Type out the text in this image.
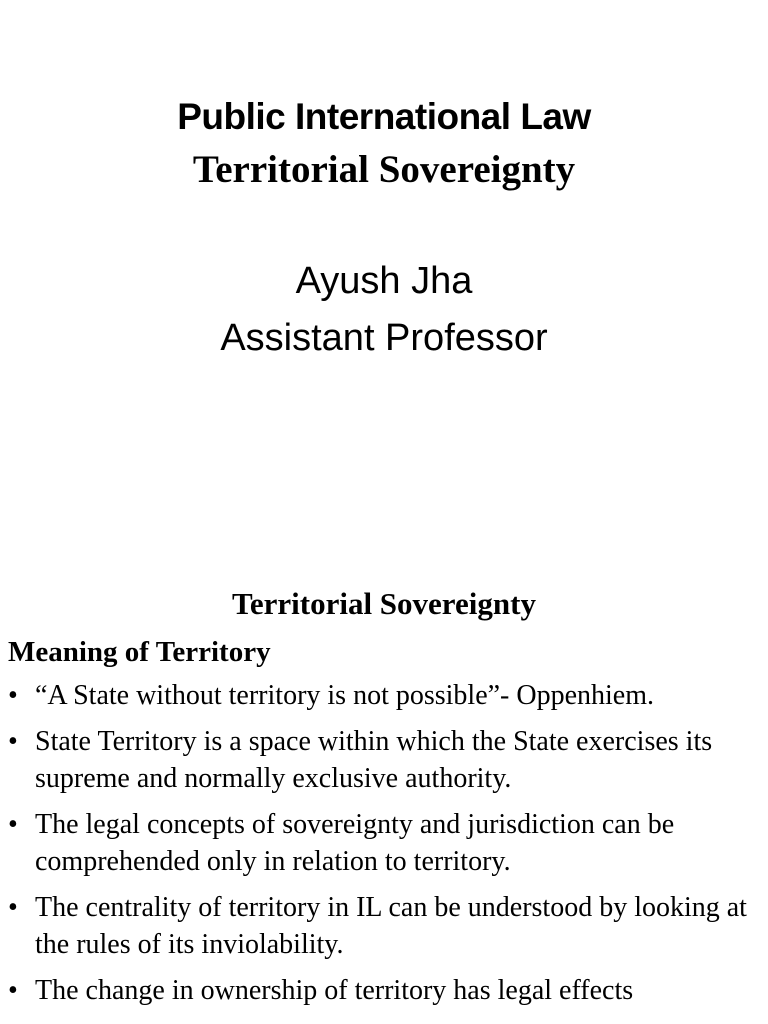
Public International Law
Territorial Sovereignty
Ayush Jha
Assistant Professor
Territorial Sovereignty
Meaning of Territory
• “A State without territory is not possible”- Oppenhiem.
• State Territory is a space within which the State exercises its supreme and normally exclusive authority.
• The legal concepts of sovereignty and jurisdiction can be comprehended only in relation to territory.
• The centrality of territory in IL can be understood by looking at the rules of its inviolability.
• The change in ownership of territory has legal effects
